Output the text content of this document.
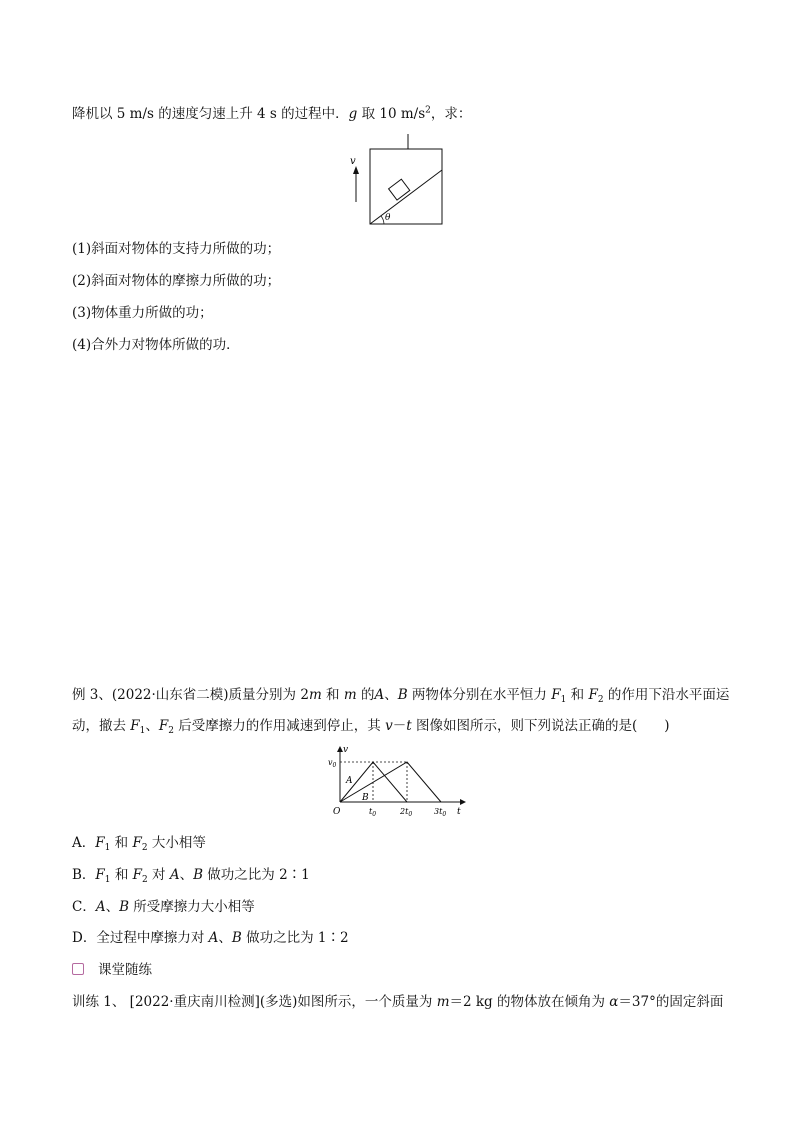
降机以 5 m/s 的速度匀速上升 4 s 的过程中．g 取 10 $m/s^2$，求：
v
θ
(1)斜面对物体的支持力所做的功；
(2)斜面对物体的摩擦力所做的功；
(3)物体重力所做的功；
(4)合外力对物体所做的功．
例 3、(2022·山东省二模)质量分别为 2m 和 m 的A、B 两物体分别在水平恒力 $F_1$ 和 $F_2$ 的作用下沿水平面运
动，撤去 $F_1$、$F_2$ 后受摩擦力的作用减速到停止，其 v－t 图像如图所示，则下列说法正确的是(　　)
v
t
O
$v_0$
$t_0$	$2t_0$	$3t_0$
A
B
A．$F_1$ 和 $F_2$ 大小相等
B．$F_1$ 和 $F_2$ 对 A、B 做功之比为 2∶1
C．A、B 所受摩擦力大小相等
D．全过程中摩擦力对 A、B 做功之比为 1∶2
课堂随练
训练 1、 [2022·重庆南川检测](多选)如图所示，一个质量为 m＝2 kg 的物体放在倾角为 α＝37°的固定斜面
